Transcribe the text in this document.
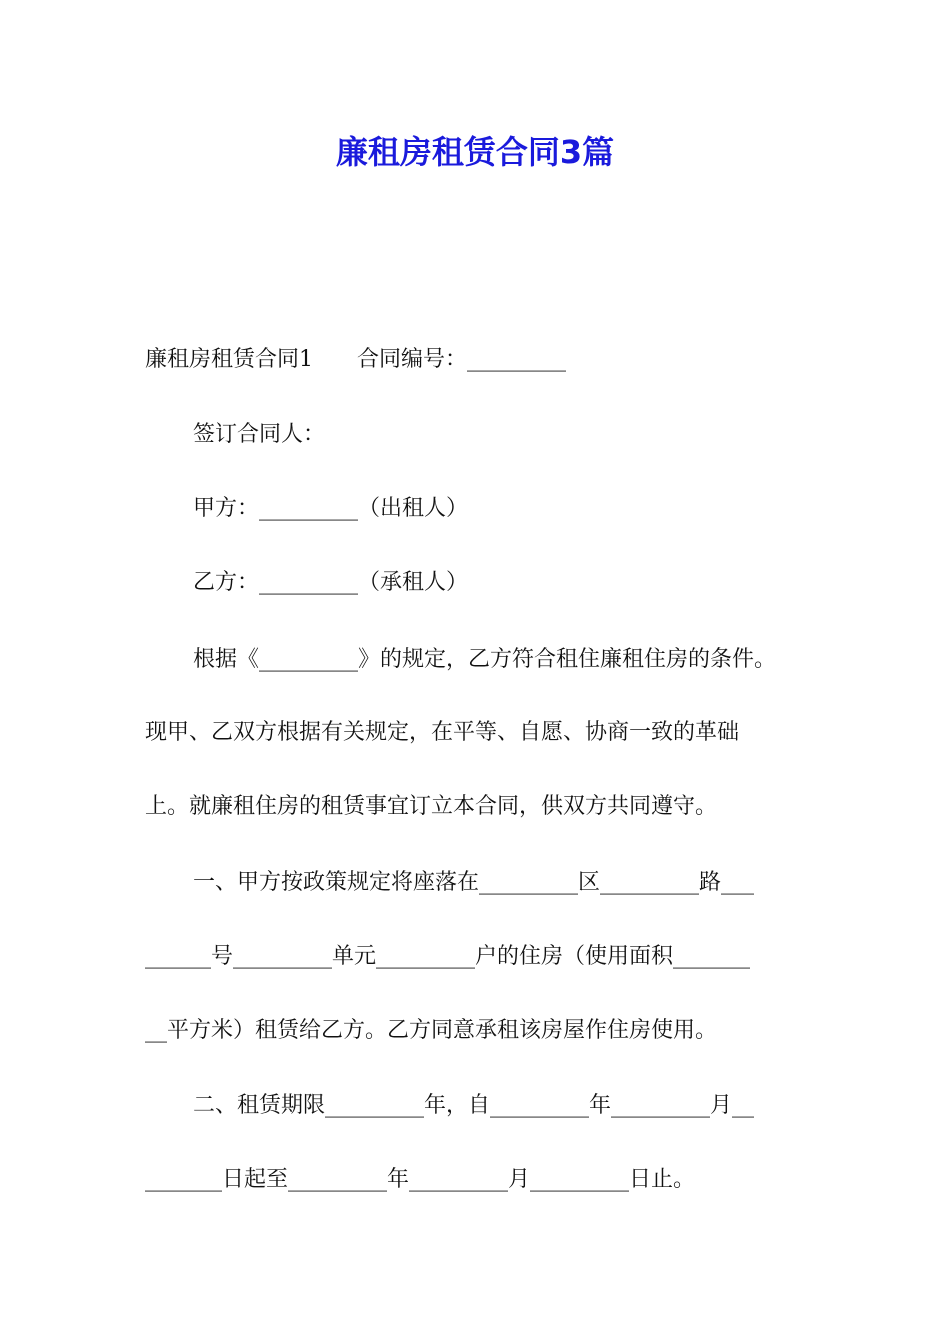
廉租房租赁合同3篇

廉租房租赁合同1　　合同编号：_________

签订合同人：

甲方：_________（出租人）

乙方：_________（承租人）

根据《_________》的规定，乙方符合租住廉租住房的条件。

现甲、乙双方根据有关规定，在平等、自愿、协商一致的革础

上。就廉租住房的租赁事宜订立本合同，供双方共同遵守。

一、甲方按政策规定将座落在_________区_________路___

______号_________单元_________户的住房（使用面积_______

__平方米）租赁给乙方。乙方同意承租该房屋作住房使用。

二、租赁期限_________年，自_________年_________月__

_______日起至_________年_________月_________日止。
